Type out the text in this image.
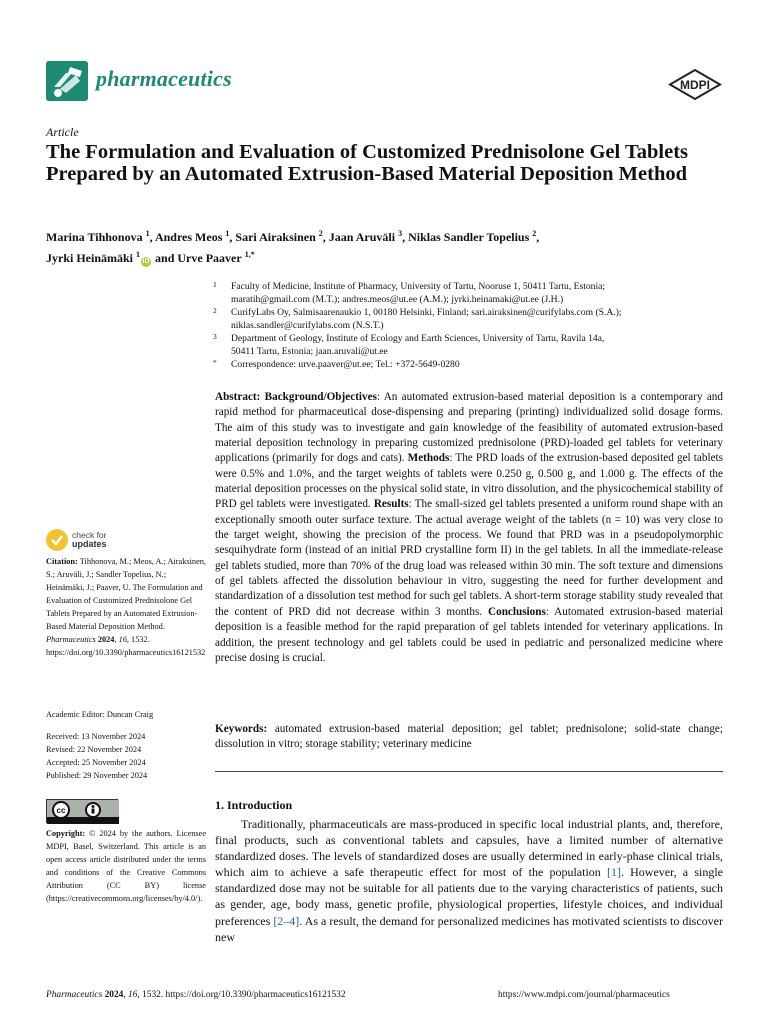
pharmaceutics	MDPI
Article
The Formulation and Evaluation of Customized Prednisolone Gel Tablets Prepared by an Automated Extrusion-Based Material Deposition Method
Marina Tihhonova $^1$, Andres Meos $^1$, Sari Airaksinen $^2$, Jaan Aruväli $^3$, Niklas Sandler Topelius $^2$,
Jyrki Heinämäki $^1$iD and Urve Paaver $^{1,*}$
1 Faculty of Medicine, Institute of Pharmacy, University of Tartu, Nooruse 1, 50411 Tartu, Estonia;
maratih@gmail.com (M.T.); andres.meos@ut.ee (A.M.); jyrki.heinamaki@ut.ee (J.H.)
2 CurifyLabs Oy, Salmisaarenaukio 1, 00180 Helsinki, Finland; sari.airaksinen@curifylabs.com (S.A.);
niklas.sandler@curifylabs.com (N.S.T.)
3 Department of Geology, Institute of Ecology and Earth Sciences, University of Tartu, Ravila 14a,
50411 Tartu, Estonia; jaan.aruvali@ut.ee
* Correspondence: urve.paaver@ut.ee; Tel.: +372-5649-0280
Abstract: Background/Objectives: An automated extrusion-based material deposition is a contemporary and rapid method for pharmaceutical dose-dispensing and preparing (printing) individualized solid dosage forms. The aim of this study was to investigate and gain knowledge of the feasibility of automated extrusion-based material deposition technology in preparing customized prednisolone (PRD)-loaded gel tablets for veterinary applications (primarily for dogs and cats). Methods: The PRD loads of the extrusion-based deposited gel tablets were 0.5% and 1.0%, and the target weights of tablets were 0.250 g, 0.500 g, and 1.000 g. The effects of the material deposition processes on the physical solid state, in vitro dissolution, and the physicochemical stability of PRD gel tablets were investigated. Results: The small-sized gel tablets presented a uniform round shape with an exceptionally smooth outer surface texture. The actual average weight of the tablets (n = 10) was very close to the target weight, showing the precision of the process. We found that PRD was in a pseudopolymorphic sesquihydrate form (instead of an initial PRD crystalline form II) in the gel tablets. In all the immediate-release gel tablets studied, more than 70% of the drug load was released within 30 min. The soft texture and dimensions of gel tablets affected the dissolution behaviour in vitro, suggesting the need for further development and standardization of a dissolution test method for such gel tablets. A short-term storage stability study revealed that the content of PRD did not decrease within 3 months. Conclusions: Automated extrusion-based material deposition is a feasible method for the rapid preparation of gel tablets intended for veterinary applications. In addition, the present technology and gel tablets could be used in pediatric and personalized medicine where precise dosing is crucial.
Keywords: automated extrusion-based material deposition; gel tablet; prednisolone; solid-state change; dissolution in vitro; storage stability; veterinary medicine
1. Introduction
Traditionally, pharmaceuticals are mass-produced in specific local industrial plants, and, therefore, final products, such as conventional tablets and capsules, have a limited number of alternative standardized doses. The levels of standardized doses are usually determined in early-phase clinical trials, which aim to achieve a safe therapeutic effect for most of the population [1]. However, a single standardized dose may not be suitable for all patients due to the varying characteristics of patients, such as gender, age, body mass, genetic profile, physiological properties, lifestyle choices, and individual preferences [2–4]. As a result, the demand for personalized medicines has motivated scientists to discover new
check for
updates
Citation: Tihhonova, M.; Meos, A.; Airaksinen, S.; Aruväli, J.; Sandler Topelius, N.; Heinämäki, J.; Paaver, U. The Formulation and Evaluation of Customized Prednisolone Gel Tablets Prepared by an Automated Extrusion-Based Material Deposition Method. Pharmaceutics 2024, 16, 1532. https://doi.org/10.3390/pharmaceutics16121532
Academic Editor: Duncan Craig
Received: 13 November 2024
Revised: 22 November 2024
Accepted: 25 November 2024
Published: 29 November 2024
cc
Copyright: © 2024 by the authors. Licensee MDPI, Basel, Switzerland. This article is an open access article distributed under the terms and conditions of the Creative Commons Attribution (CC BY) license (https://creativecommons.org/licenses/by/4.0/).
Pharmaceutics 2024, 16, 1532. https://doi.org/10.3390/pharmaceutics16121532	https://www.mdpi.com/journal/pharmaceutics
